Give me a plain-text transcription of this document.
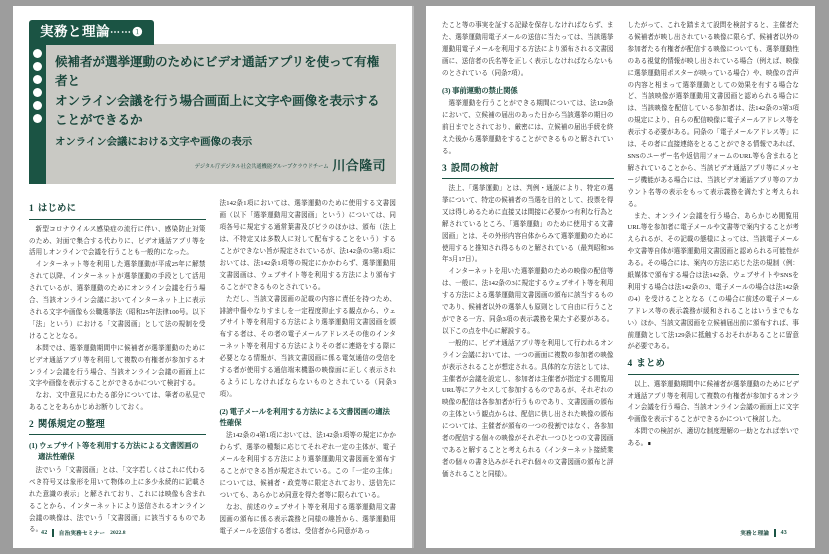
実務と理論⋯⋯❶

候補者が選挙運動のためにビデオ通話アプリを使って有権者と
オンライン会議を行う場合画面上に文字や画像を表示することができるか

オンライン会議における文字や画像の表示

デジタル庁デジタル社会共通機能グループクラウドチーム 川合隆司
1 はじめに

新型コロナウイルス感染症の流行に伴い、感染防止対策のため、対面で集合する代わりに、ビデオ通話アプリ等を活用しオンラインで会議を行うことも一般的になった。

インターネット等を利用した選挙運動が平成25年に解禁されて以降、インターネットが選挙運動の手段として活用されているが、選挙運動のためにオンライン会議を行う場合、当該オンライン会議においてインターネット上に表示される文字や画像も公職選挙法（昭和25年法律100号。以下「法」という）における「文書図画」として法の規制を受けることとなる。

本問では、選挙運動期間中に候補者が選挙運動のためにビデオ通話アプリ等を利用して複数の有権者が参加するオンライン会議を行う場合、当該オンライン会議の画面上に文字や画像を表示することができるかについて検討する。

なお、文中意見にわたる部分については、筆者の私見であることをあらかじめお断りしておく。

2 関係規定の整理
(1) ウェブサイト等を利用する方法による文書図画の
適法性確保

法でいう「文書図画」とは、「文字若しくはこれに代わるべき符号又は象形を用いて物体の上に多少永続的に記載された意識の表示」と解されており、これには映像も含まれることから、インターネットにより送信されるオンライン会議の映像は、法でいう「文書図画」に該当するものである。

法142条1項においては、選挙運動のために使用する文書図画（以下「選挙運動用文書図画」という）については、同項各号に規定する通常葉書及びビラのほかは、頒布（法上は、不特定又は多数人に対して配布することをいう）することができない旨が規定されているが、法142条の3第1項においては、法142条1項等の規定にかかわらず、選挙運動用文書図画は、ウェブサイト等を利用する方法により頒布することができるものとされている。

ただし、当該文書図画の記載の内容に責任を持つため、誹謗中傷やなりすましを一定程度抑止する観点から、ウェブサイト等を利用する方法により選挙運動用文書図画を頒布する者は、その者の電子メールアドレスその他のインターネット等を利用する方法によりその者に連絡をする際に必要となる情報が、当該文書図画に係る電気通信の受信をする者が使用する通信端末機器の映像面に正しく表示されるようにしなければならないものとされている（同条3項）。

(2) 電子メールを利用する方法による文書図画の適法性確保

法142条の4第1項においては、法142条1項等の規定にかかわらず、選挙の種類に応じてそれぞれ一定の主体が、電子メールを利用する方法により選挙運動用文書図画を頒布することができる旨が規定されている。この「一定の主体」については、候補者・政党等に限定されており、送信先についても、あらかじめ同意を得た者等に限られている。

なお、前述のウェブサイト等を利用する選挙運動用文書図画の頒布に係る表示義務と同様の趣旨から、選挙運動用電子メールを送信する者は、受信者から同意があっ

42 自治実務セミナー 2022.8

たこと等の事実を証する記録を保存しなければならず、また、選挙運動用電子メールの送信に当たっては、当該選挙運動用電子メールを利用する方法により頒布される文書図画に、送信者の氏名等を正しく表示しなければならないものとされている（同条7項）。

(3) 事前運動の禁止関係

選挙運動を行うことができる期間については、法129条において、立候補の届出のあった日から当該選挙の期日の前日までとされており、厳密には、立候補の届出手続を終えた後から選挙運動をすることができるものと解されている。

3 設問の検討

法上、「選挙運動」とは、判例・通説により、特定の選挙について、特定の候補者の当選を目的として、投票を得又は得しめるために直接又は間接に必要かつ有利な行為と解されているところ、「選挙運動」のために使用する文書図画」とは、その外形内容自体からみて選挙運動のために使用すると推知され得るものと解されている（最判昭和36年3月17日）。

インターネットを用いた選挙運動のための映像の配信等は、一般に、法142条の3に規定するウェブサイト等を利用する方法による選挙運動用文書図画の頒布に該当するものであり、候補者以外の選挙人も原則として自由に行うことができる一方、同条3項の表示義務を果たす必要がある。以下この点を中心に解説する。

一般的に、ビデオ通話アプリ等を利用して行われるオンライン会議においては、一つの画面に複数の参加者の映像が表示されることが想定される。具体的な方法としては、主催者が会議を設定し、参加者は主催者が指定する閲覧用URL等にアクセスして参加するものであるが、それぞれの映像の配信は各参加者が行うものであり、文書図画の頒布の主体という観点からは、配信に供し出された映像の頒布については、主催者が頒布の一つの役割ではなく、各参加者の配信する個々の映像がそれぞれ一つひとつの文書図画であると解することと考えられる（インターネット接続業者の個々の書き込みがそれぞれ個々の文書図画の頒布と評価されることと同様）。

したがって、これを踏まえて設問を検討すると、主催者たる候補者が映し出されている映像に限らず、候補者以外の参加者たる有権者が配信する映像についても、選挙運動性のある視覚的情報が映し出されている場合（例えば、映像に選挙運動用ポスターが映っている場合）や、映像の音声の内容と相まって選挙運動としての効果を有する場合など、当該映像が選挙運動用文書図画と認められる場合には、当該映像を配信している参加者は、法142条の3第3項の規定により、自らの配信映像に電子メールアドレス等を表示する必要がある。同条の「電子メールアドレス等」には、その者に直接連絡をとることができる情報であれば、SNSのユーザー名や返信用フォームのURL等も含まれると解されていることから、当該ビデオ通話アプリ等にメッセージ機能がある場合には、当該ビデオ通話アプリ等のアカウント名等の表示をもって表示義務を満たすと考えられる。

また、オンライン会議を行う場合、あらかじめ閲覧用URL等を参加者に電子メールや文書等で案内することが考えられるが、その記載の態様によっては、当該電子メールや文書等自体が選挙運動用文書図画と認められる可能性がある。その場合には、案内の方法に応じた法の規制（例：紙媒体で頒布する場合は法142条、ウェブサイトやSNSを利用する場合は法142条の3、電子メールの場合は法142条の4）を受けることとなる（この場合に前述の電子メールアドレス等の表示義務が緩和されることはいうまでもない）ほか、当該文書図画を立候補届出前に頒布すれば、事前運動として法129条に抵触するおそれがあることに留意が必要である。

4 まとめ

以上、選挙運動期間中に候補者が選挙運動のためにビデオ通話アプリ等を利用して複数の有権者が参加するオンライン会議を行う場合、当該オンライン会議の画面上に文字や画像を表示することができるかについて検討した。

本問での検討が、適切な制度理解の一助となれば幸いである。∎

実務と理論 43
